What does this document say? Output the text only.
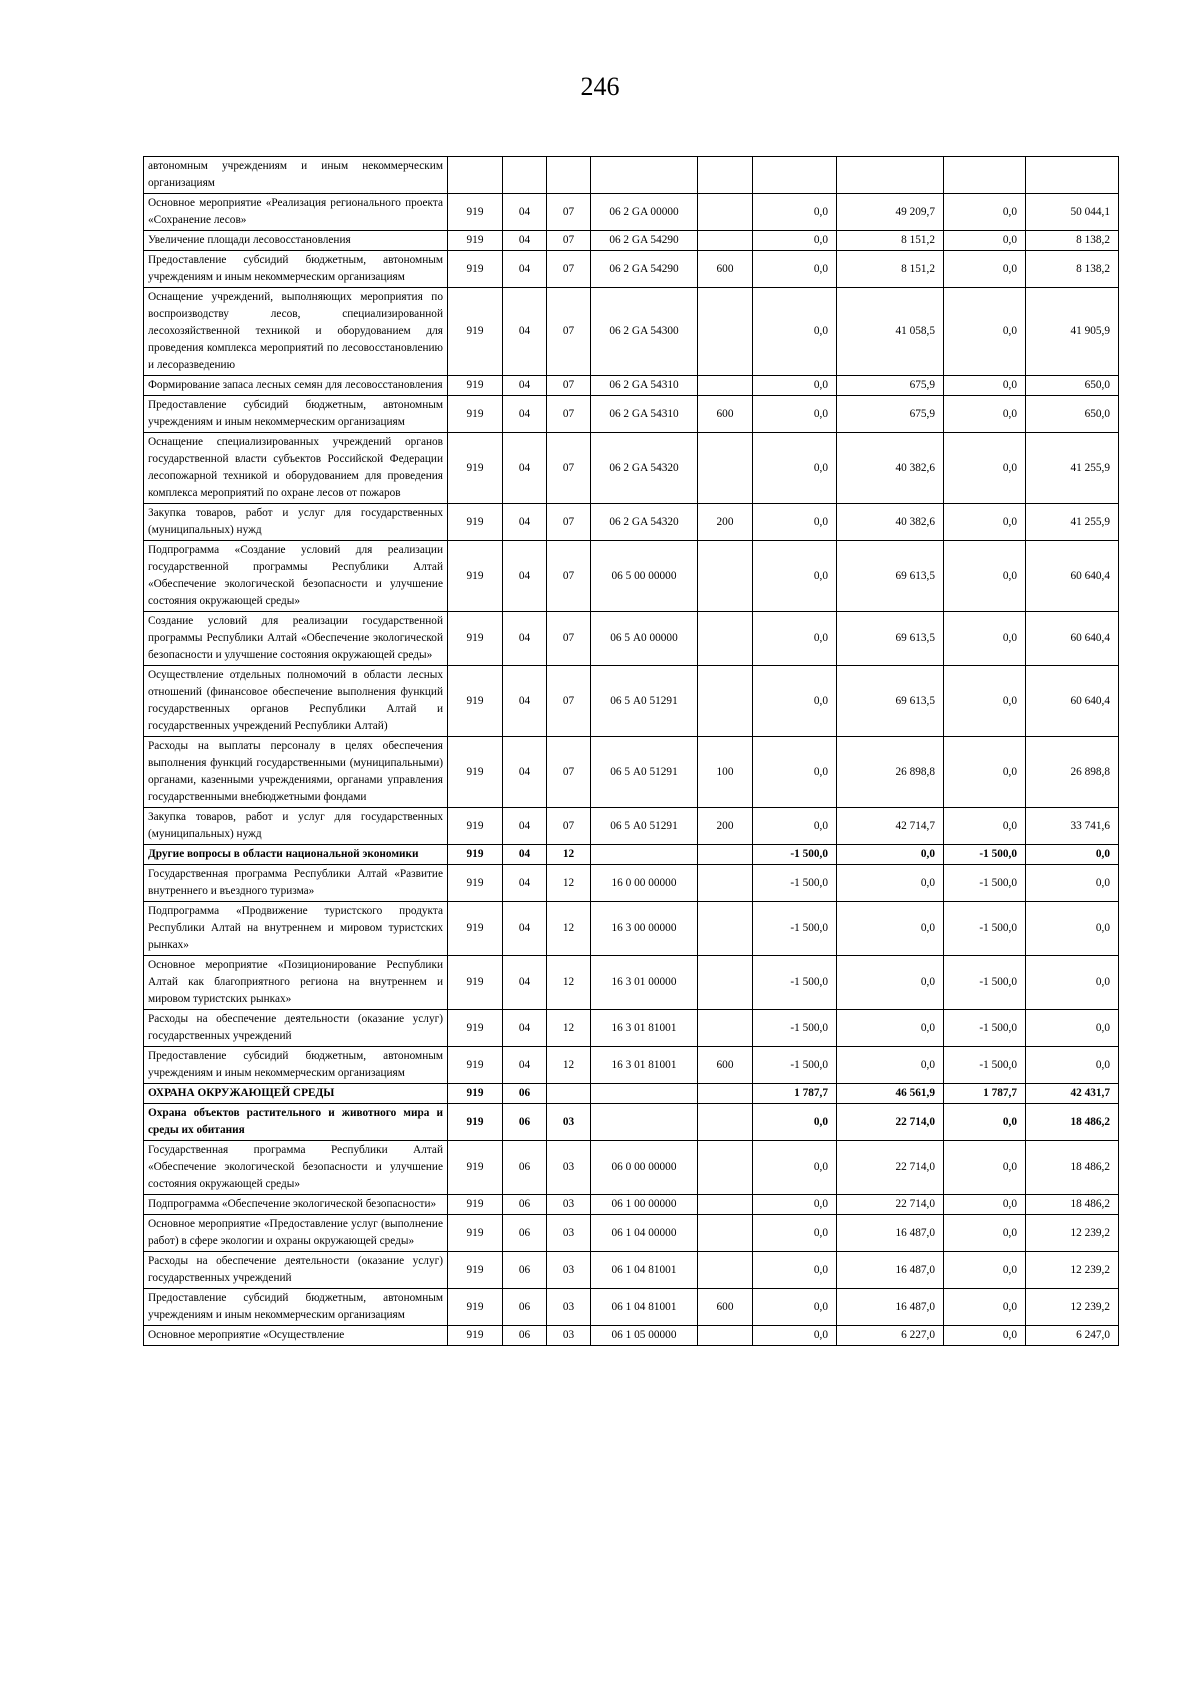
246
автономным учреждениям и иным некоммерческим организациям									
Основное мероприятие «Реализация регионального проекта «Сохранение лесов»	919	04	07	06 2 GA 00000		0,0	49 209,7	0,0	50 044,1
Увеличение площади лесовосстановления	919	04	07	06 2 GA 54290		0,0	8 151,2	0,0	8 138,2
Предоставление субсидий бюджетным, автономным учреждениям и иным некоммерческим организациям	919	04	07	06 2 GA 54290	600	0,0	8 151,2	0,0	8 138,2
Оснащение учреждений, выполняющих мероприятия по воспроизводству лесов, специализированной лесохозяйственной техникой и оборудованием для проведения комплекса мероприятий по лесовосстановлению и лесоразведению	919	04	07	06 2 GA 54300		0,0	41 058,5	0,0	41 905,9
Формирование запаса лесных семян для лесовосстановления	919	04	07	06 2 GA 54310		0,0	675,9	0,0	650,0
Предоставление субсидий бюджетным, автономным учреждениям и иным некоммерческим организациям	919	04	07	06 2 GA 54310	600	0,0	675,9	0,0	650,0
Оснащение специализированных учреждений органов государственной власти субъектов Российской Федерации лесопожарной техникой и оборудованием для проведения комплекса мероприятий по охране лесов от пожаров	919	04	07	06 2 GA 54320		0,0	40 382,6	0,0	41 255,9
Закупка товаров, работ и услуг для государственных (муниципальных) нужд	919	04	07	06 2 GA 54320	200	0,0	40 382,6	0,0	41 255,9
Подпрограмма «Создание условий для реализации государственной программы Республики Алтай «Обеспечение экологической безопасности и улучшение состояния окружающей среды»	919	04	07	06 5 00 00000		0,0	69 613,5	0,0	60 640,4
Создание условий для реализации государственной программы Республики Алтай «Обеспечение экологической безопасности и улучшение состояния окружающей среды»	919	04	07	06 5 А0 00000		0,0	69 613,5	0,0	60 640,4
Осуществление отдельных полномочий в области лесных отношений (финансовое обеспечение выполнения функций государственных органов Республики Алтай и государственных учреждений Республики Алтай)	919	04	07	06 5 А0 51291		0,0	69 613,5	0,0	60 640,4
Расходы на выплаты персоналу в целях обеспечения выполнения функций государственными (муниципальными) органами, казенными учреждениями, органами управления государственными внебюджетными фондами	919	04	07	06 5 А0 51291	100	0,0	26 898,8	0,0	26 898,8
Закупка товаров, работ и услуг для государственных (муниципальных) нужд	919	04	07	06 5 А0 51291	200	0,0	42 714,7	0,0	33 741,6
Другие вопросы в области национальной экономики	919	04	12			-1 500,0	0,0	-1 500,0	0,0
Государственная программа Республики Алтай «Развитие внутреннего и въездного туризма»	919	04	12	16 0 00 00000		-1 500,0	0,0	-1 500,0	0,0
Подпрограмма «Продвижение туристского продукта Республики Алтай на внутреннем и мировом туристских рынках»	919	04	12	16 3 00 00000		-1 500,0	0,0	-1 500,0	0,0
Основное мероприятие «Позиционирование Республики Алтай как благоприятного региона на внутреннем и мировом туристских рынках»	919	04	12	16 3 01 00000		-1 500,0	0,0	-1 500,0	0,0
Расходы на обеспечение деятельности (оказание услуг) государственных учреждений	919	04	12	16 3 01 81001		-1 500,0	0,0	-1 500,0	0,0
Предоставление субсидий бюджетным, автономным учреждениям и иным некоммерческим организациям	919	04	12	16 3 01 81001	600	-1 500,0	0,0	-1 500,0	0,0
ОХРАНА ОКРУЖАЮЩЕЙ СРЕДЫ	919	06				1 787,7	46 561,9	1 787,7	42 431,7
Охрана объектов растительного и животного мира и среды их обитания	919	06	03			0,0	22 714,0	0,0	18 486,2
Государственная программа Республики Алтай «Обеспечение экологической безопасности и улучшение состояния окружающей среды»	919	06	03	06 0 00 00000		0,0	22 714,0	0,0	18 486,2
Подпрограмма «Обеспечение экологической безопасности»	919	06	03	06 1 00 00000		0,0	22 714,0	0,0	18 486,2
Основное мероприятие «Предоставление услуг (выполнение работ) в сфере экологии и охраны окружающей среды»	919	06	03	06 1 04 00000		0,0	16 487,0	0,0	12 239,2
Расходы на обеспечение деятельности (оказание услуг) государственных учреждений	919	06	03	06 1 04 81001		0,0	16 487,0	0,0	12 239,2
Предоставление субсидий бюджетным, автономным учреждениям и иным некоммерческим организациям	919	06	03	06 1 04 81001	600	0,0	16 487,0	0,0	12 239,2
Основное мероприятие «Осуществление	919	06	03	06 1 05 00000		0,0	6 227,0	0,0	6 247,0
